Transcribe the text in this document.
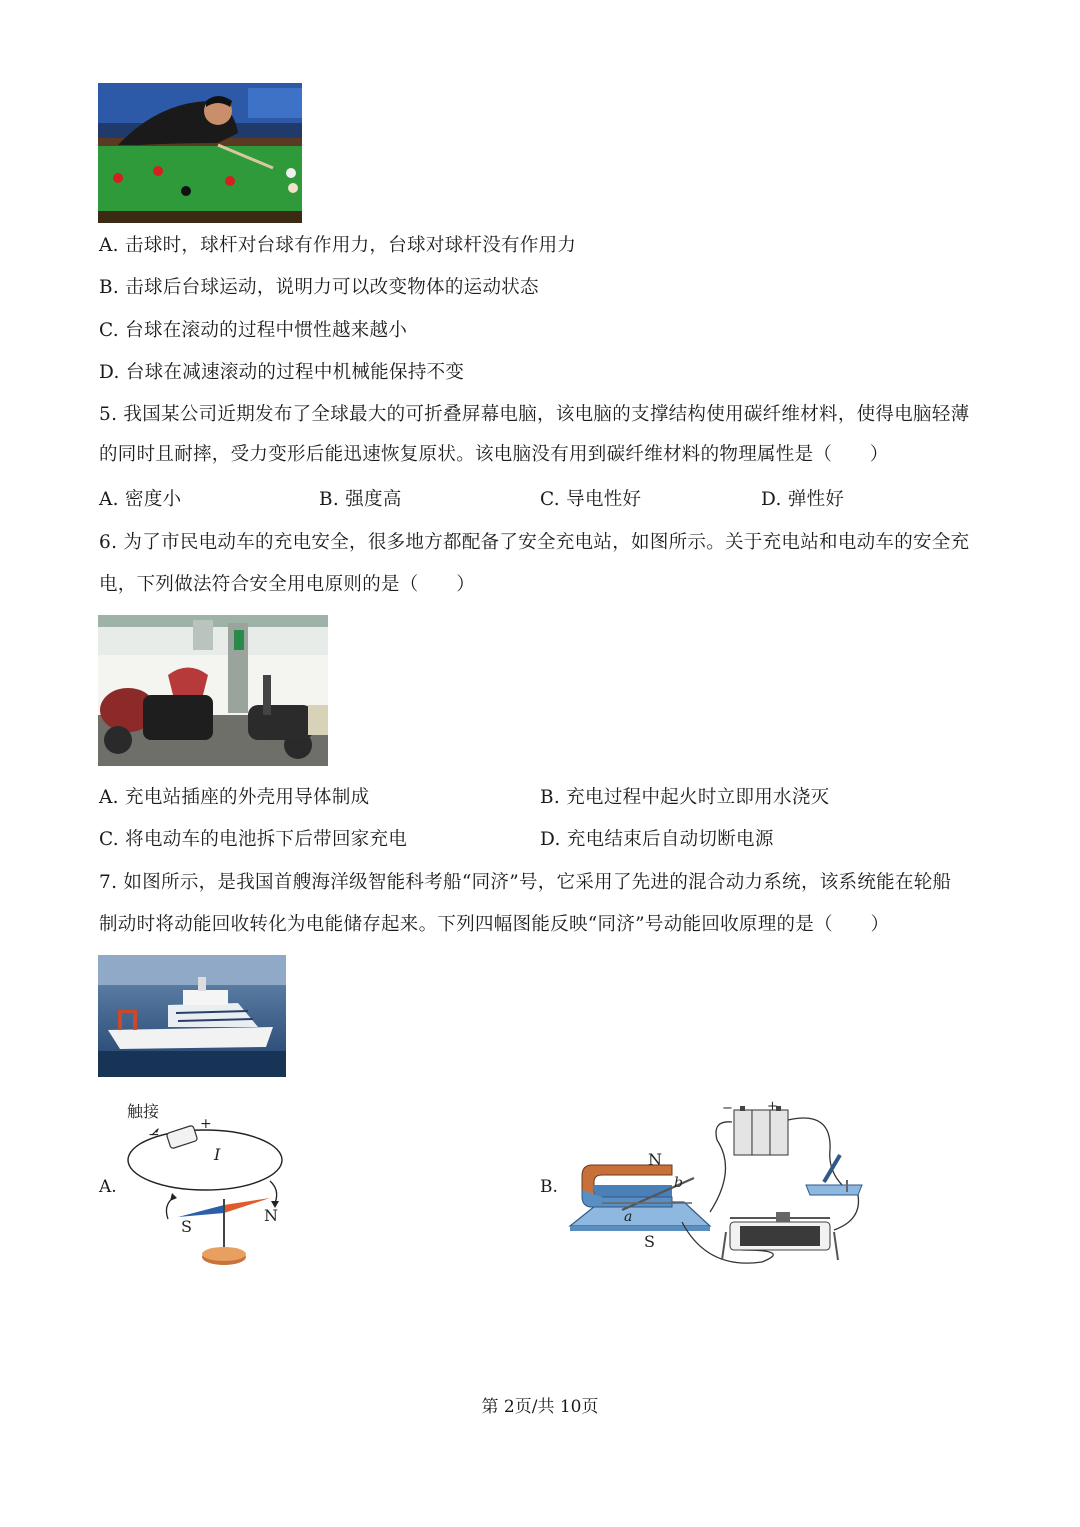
A. 击球时，球杆对台球有作用力，台球对球杆没有作用力
B. 击球后台球运动，说明力可以改变物体的运动状态
C. 台球在滚动的过程中惯性越来越小
D. 台球在减速滚动的过程中机械能保持不变
5. 我国某公司近期发布了全球最大的可折叠屏幕电脑，该电脑的支撑结构使用碳纤维材料，使得电脑轻薄
的同时且耐摔，受力变形后能迅速恢复原状。该电脑没有用到碳纤维材料的物理属性是（　　）
A. 密度小	B. 强度高	C. 导电性好	D. 弹性好
6. 为了市民电动车的充电安全，很多地方都配备了安全充电站，如图所示。关于充电站和电动车的安全充
电，下列做法符合安全用电原则的是（　　）
A. 充电站插座的外壳用导体制成	B. 充电过程中起火时立即用水浇灭
C. 将电动车的电池拆下后带回家充电	D. 充电结束后自动切断电源
7. 如图所示，是我国首艘海洋级智能科考船“同济”号，它采用了先进的混合动力系统，该系统能在轮船
制动时将动能回收转化为电能储存起来。下列四幅图能反映“同济”号动能回收原理的是（　　）
A.
触接
−
+
I
S
N
B.
N
S
a
b
−	+
第 2页/共 10页
